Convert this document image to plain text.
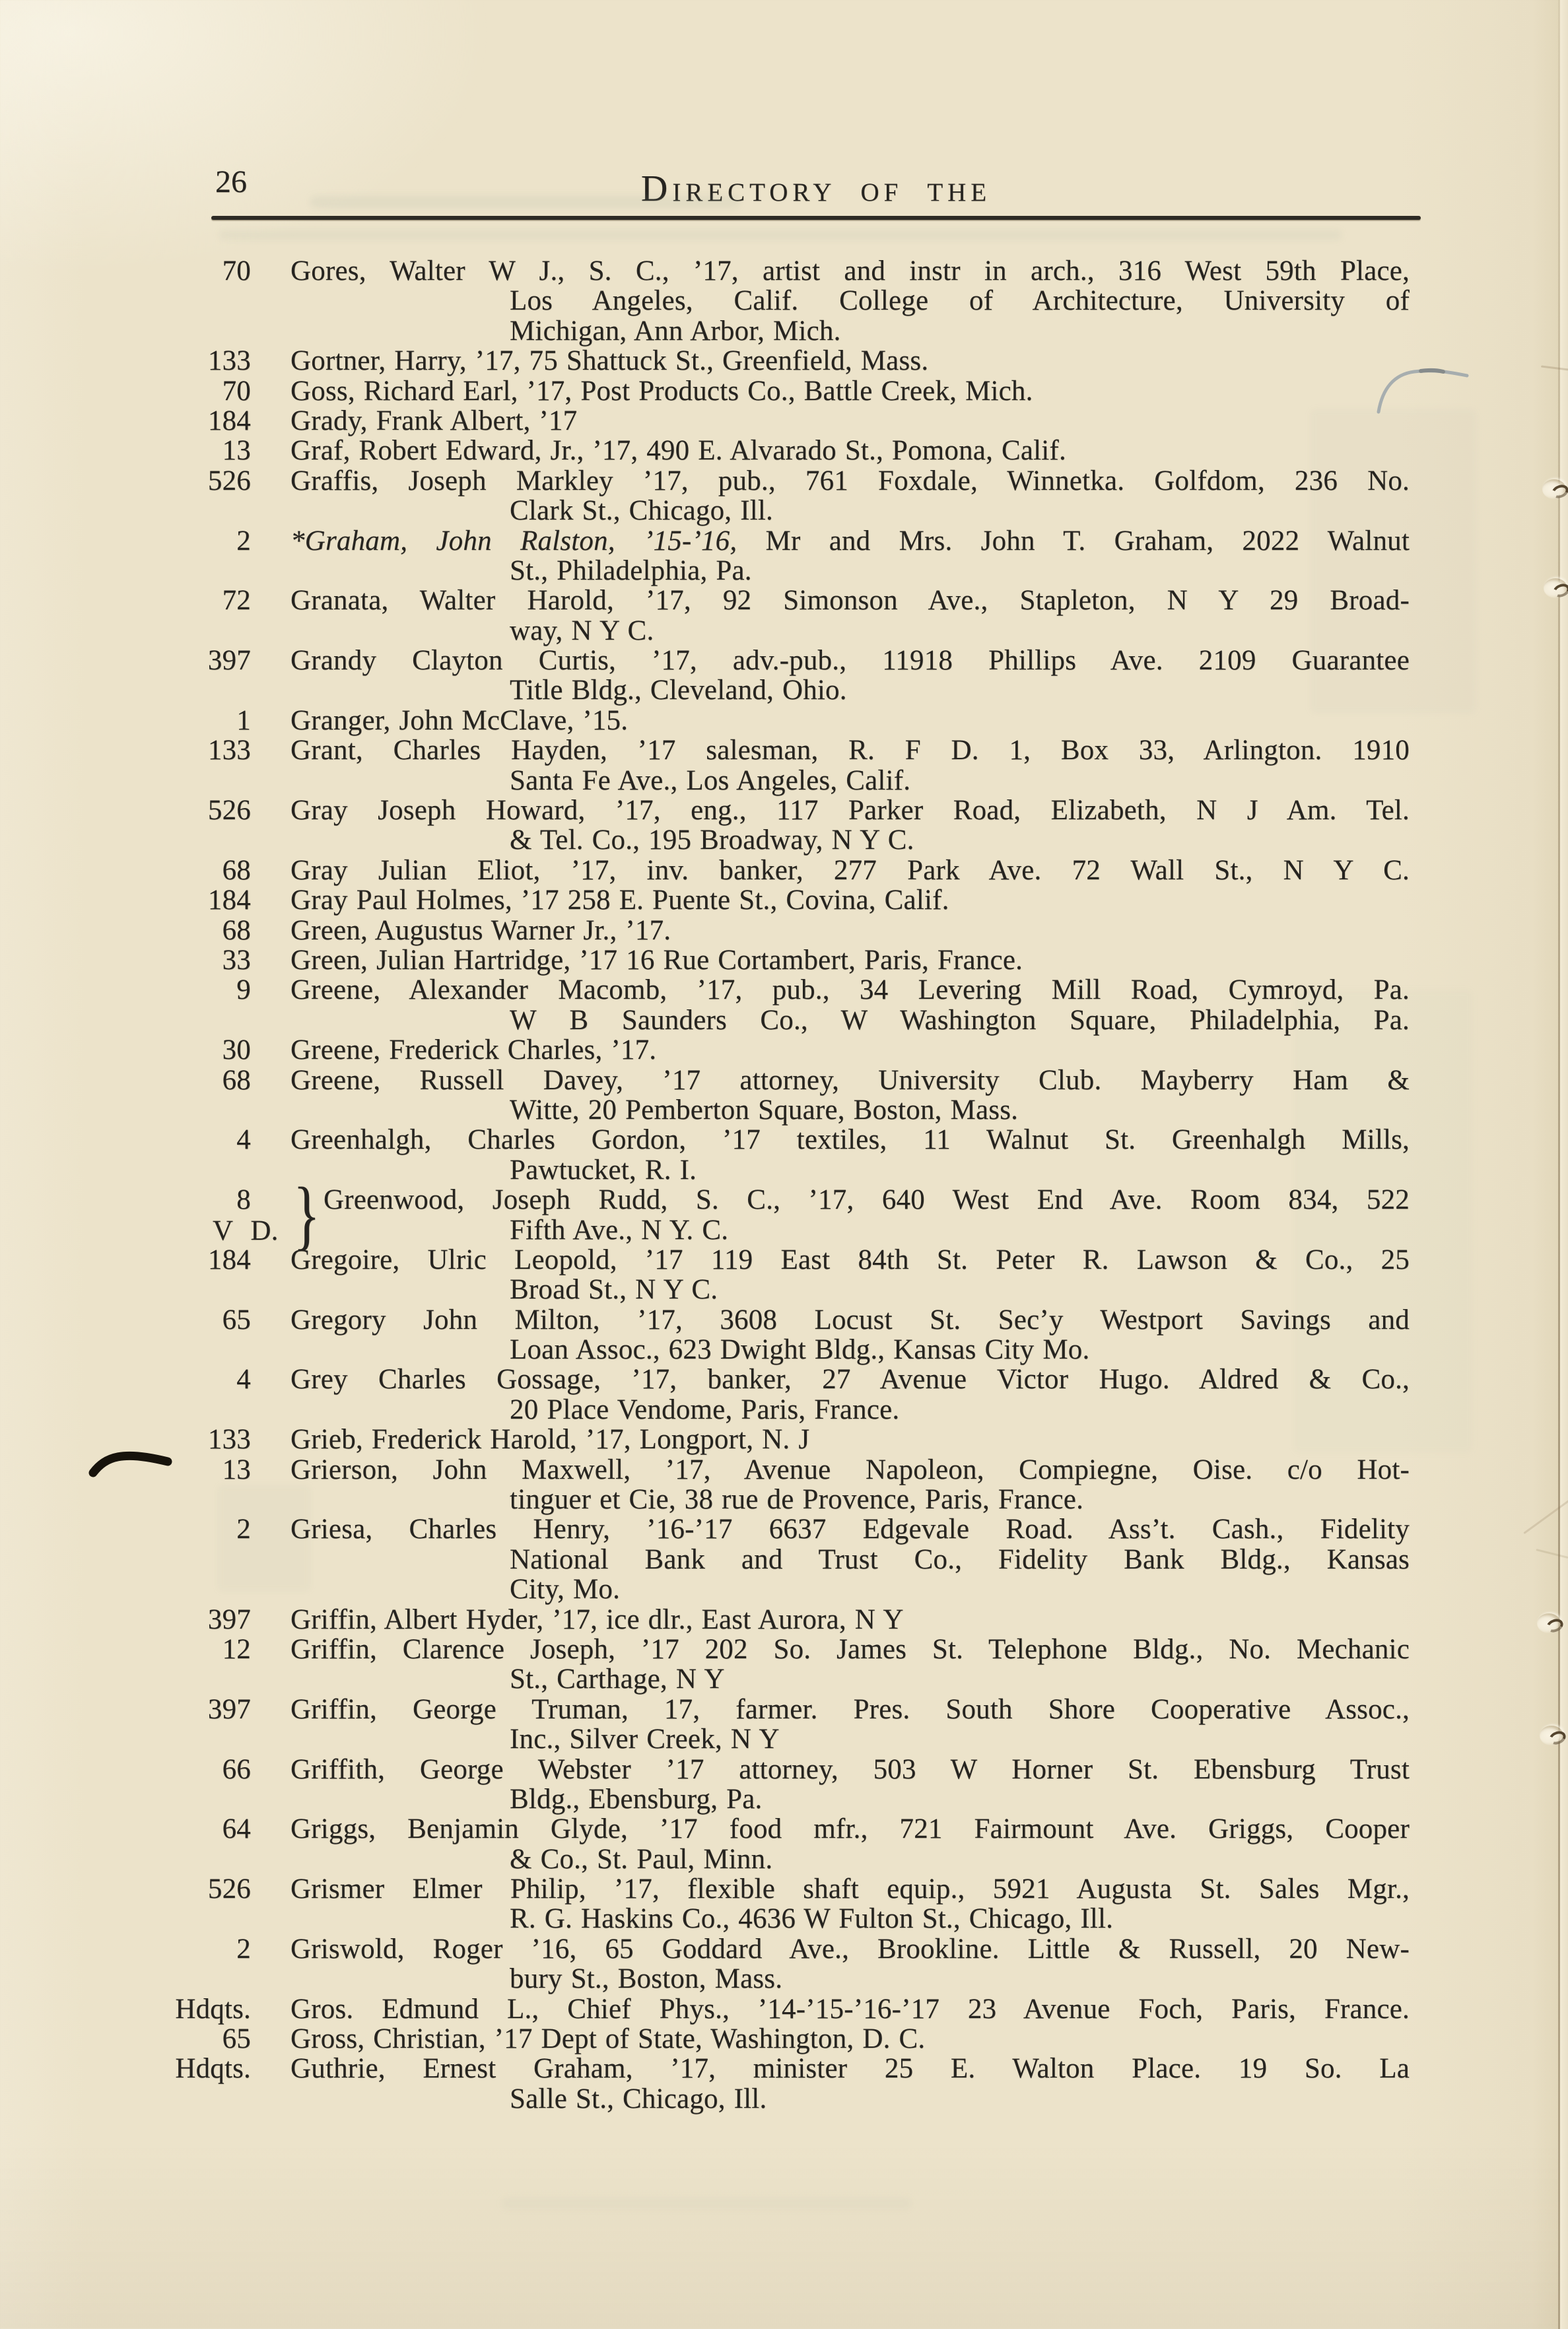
26	Directory of the
70 Gores, Walter W J., S. C., ’17, artist and instr in arch., 316 West 59th Place,
Los Angeles, Calif. College of Architecture, University of
Michigan, Ann Arbor, Mich.
133 Gortner, Harry, ’17, 75 Shattuck St., Greenfield, Mass.
70 Goss, Richard Earl, ’17, Post Products Co., Battle Creek, Mich.
184 Grady, Frank Albert, ’17
13 Graf, Robert Edward, Jr., ’17, 490 E. Alvarado St., Pomona, Calif.
526 Graffis, Joseph Markley ’17, pub., 761 Foxdale, Winnetka. Golfdom, 236 No.
Clark St., Chicago, Ill.
2 *Graham, John Ralston, ’15-’16, Mr and Mrs. John T. Graham, 2022 Walnut
St., Philadelphia, Pa.
72 Granata, Walter Harold, ’17, 92 Simonson Ave., Stapleton, N Y 29 Broad-
way, N Y C.
397 Grandy Clayton Curtis, ’17, adv.-pub., 11918 Phillips Ave. 2109 Guarantee
Title Bldg., Cleveland, Ohio.
1 Granger, John McClave, ’15.
133 Grant, Charles Hayden, ’17 salesman, R. F D. 1, Box 33, Arlington. 1910
Santa Fe Ave., Los Angeles, Calif.
526 Gray Joseph Howard, ’17, eng., 117 Parker Road, Elizabeth, N J Am. Tel.
& Tel. Co., 195 Broadway, N Y C.
68 Gray Julian Eliot, ’17, inv. banker, 277 Park Ave. 72 Wall St., N Y C.
184 Gray Paul Holmes, ’17 258 E. Puente St., Covina, Calif.
68 Green, Augustus Warner Jr., ’17.
33 Green, Julian Hartridge, ’17 16 Rue Cortambert, Paris, France.
9 Greene, Alexander Macomb, ’17, pub., 34 Levering Mill Road, Cymroyd, Pa.
W B Saunders Co., W Washington Square, Philadelphia, Pa.
30 Greene, Frederick Charles, ’17.
68 Greene, Russell Davey, ’17 attorney, University Club. Mayberry Ham &
Witte, 20 Pemberton Square, Boston, Mass.
4 Greenhalgh, Charles Gordon, ’17 textiles, 11 Walnut St. Greenhalgh Mills,
Pawtucket, R. I.
8	Greenwood, Joseph Rudd, S. C., ’17, 640 West End Ave. Room 834, 522
Fifth Ave., N Y. C.
V D. }
184 Gregoire, Ulric Leopold, ’17 119 East 84th St. Peter R. Lawson & Co., 25
Broad St., N Y C.
65 Gregory John Milton, ’17, 3608 Locust St. Sec’y Westport Savings and
Loan Assoc., 623 Dwight Bldg., Kansas City Mo.
4 Grey Charles Gossage, ’17, banker, 27 Avenue Victor Hugo. Aldred & Co.,
20 Place Vendome, Paris, France.
133 Grieb, Frederick Harold, ’17, Longport, N. J
13 Grierson, John Maxwell, ’17, Avenue Napoleon, Compiegne, Oise. c/o Hot-
tinguer et Cie, 38 rue de Provence, Paris, France.
2 Griesa, Charles Henry, ’16-’17 6637 Edgevale Road. Ass’t. Cash., Fidelity
National Bank and Trust Co., Fidelity Bank Bldg., Kansas
City, Mo.
397 Griffin, Albert Hyder, ’17, ice dlr., East Aurora, N Y
12 Griffin, Clarence Joseph, ’17 202 So. James St. Telephone Bldg., No. Mechanic
St., Carthage, N Y
397 Griffin, George Truman, 17, farmer. Pres. South Shore Cooperative Assoc.,
Inc., Silver Creek, N Y
66 Griffith, George Webster ’17 attorney, 503 W Horner St. Ebensburg Trust
Bldg., Ebensburg, Pa.
64 Griggs, Benjamin Glyde, ’17 food mfr., 721 Fairmount Ave. Griggs, Cooper
& Co., St. Paul, Minn.
526 Grismer Elmer Philip, ’17, flexible shaft equip., 5921 Augusta St. Sales Mgr.,
R. G. Haskins Co., 4636 W Fulton St., Chicago, Ill.
2 Griswold, Roger ’16, 65 Goddard Ave., Brookline. Little & Russell, 20 New-
bury St., Boston, Mass.
Hdqts. Gros. Edmund L., Chief Phys., ’14-’15-’16-’17 23 Avenue Foch, Paris, France.
65 Gross, Christian, ’17 Dept of State, Washington, D. C.
Hdqts. Guthrie, Ernest Graham, ’17, minister 25 E. Walton Place. 19 So. La
Salle St., Chicago, Ill.
